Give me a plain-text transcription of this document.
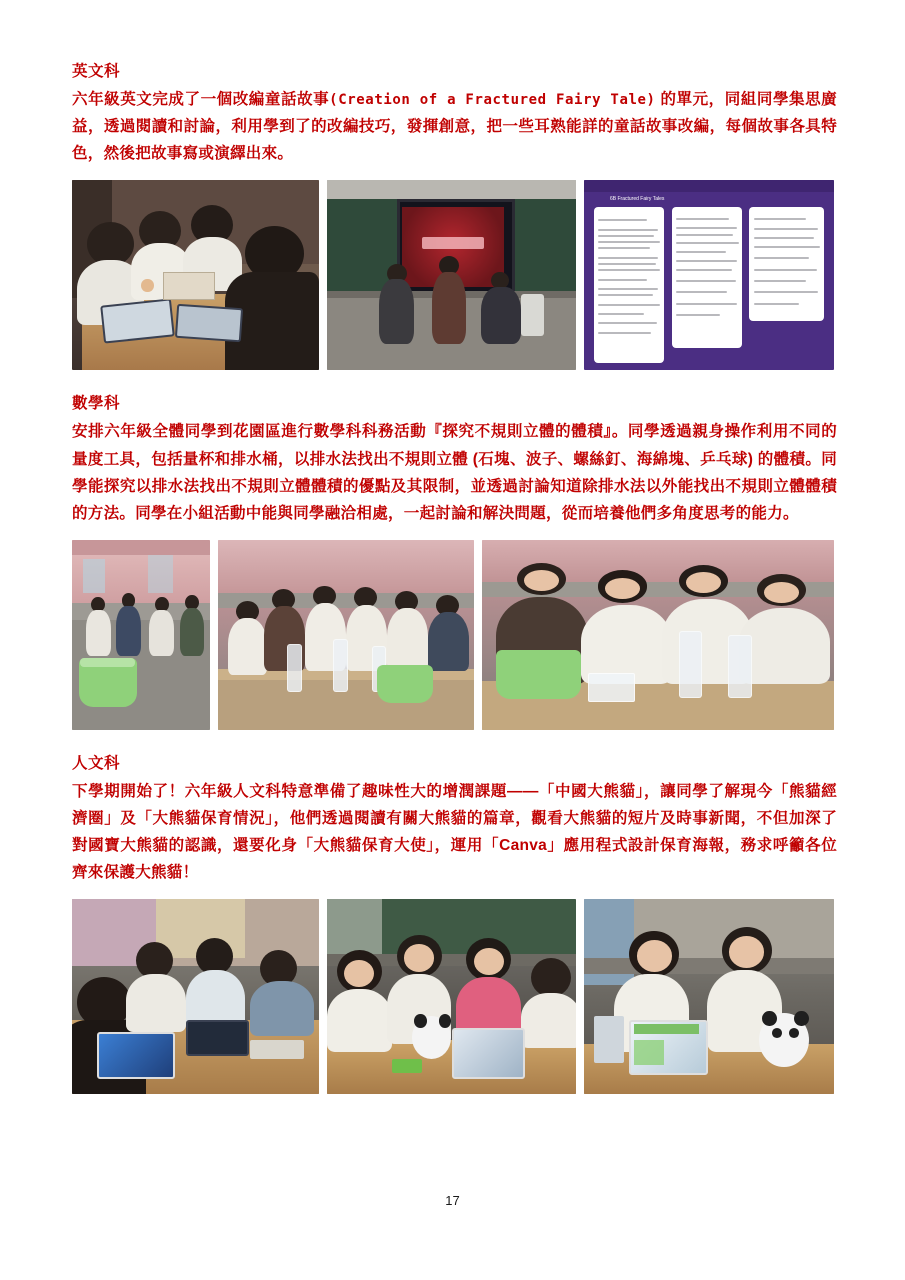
英文科

六年級英文完成了一個改編童話故事(Creation of a Fractured Fairy Tale) 的單元，同組同學集思廣益，透過閱讀和討論，利用學到了的改編技巧，發揮創意，把一些耳熟能詳的童話故事改編，每個故事各具特色，然後把故事寫或演繹出來。

6B Fractured Fairy Tales
數學科

安排六年級全體同學到花園區進行數學科科務活動『探究不規則立體的體積』。同學透過親身操作利用不同的量度工具，包括量杯和排水桶，以排水法找出不規則立體 (石塊、波子、螺絲釘、海綿塊、乒乓球) 的體積。同學能探究以排水法找出不規則立體體積的優點及其限制，並透過討論知道除排水法以外能找出不規則立體體積的方法。同學在小組活動中能與同學融洽相處，一起討論和解決問題，從而培養他們多角度思考的能力。

人文科

下學期開始了！六年級人文科特意準備了趣味性大的增潤課題——「中國大熊貓」，讓同學了解現今「熊貓經濟圈」及「大熊貓保育情況」，他們透過閱讀有關大熊貓的篇章，觀看大熊貓的短片及時事新聞，不但加深了對國寶大熊貓的認識，還要化身「大熊貓保育大使」，運用「Canva」應用程式設計保育海報，務求呼籲各位齊來保護大熊貓！

17
